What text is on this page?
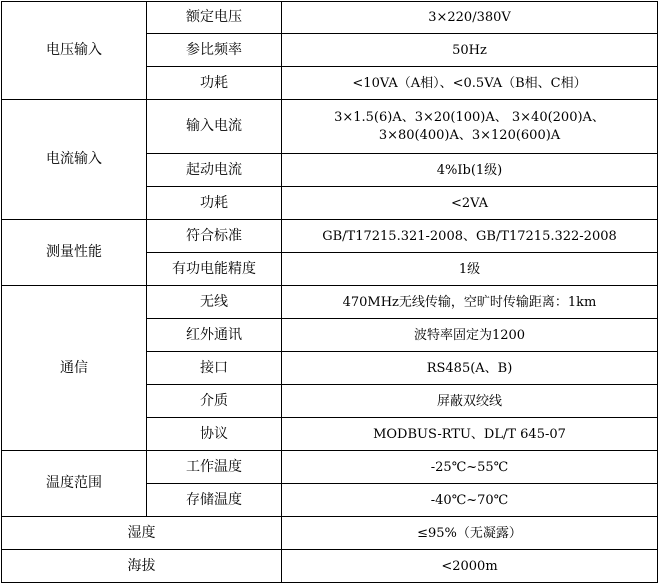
电压输入	额定电压	3×220/380V
	参比频率	50Hz
	功耗	<10VA（A相）、<0.5VA（B相、C相）
电流输入	输入电流	3×1.5(6)A、3×20(100)A、 3×40(200)A、
3×80(400)A、3×120(600)A

	起动电流	4%Ib(1级)
	功耗	<2VA
测量性能	符合标准	GB/T17215.321-2008、GB/T17215.322-2008
	有功电能精度	1级
通信	无线	470MHz无线传输，空旷时传输距离：1km
	红外通讯	波特率固定为1200
	接口	RS485(A、B)
	介质	屏蔽双绞线
	协议	MODBUS-RTU、DL/T 645-07
温度范围	工作温度	-25℃~55℃
	存储温度	-40℃~70℃
湿度		≤95%（无凝露）
海拔		<2000m
